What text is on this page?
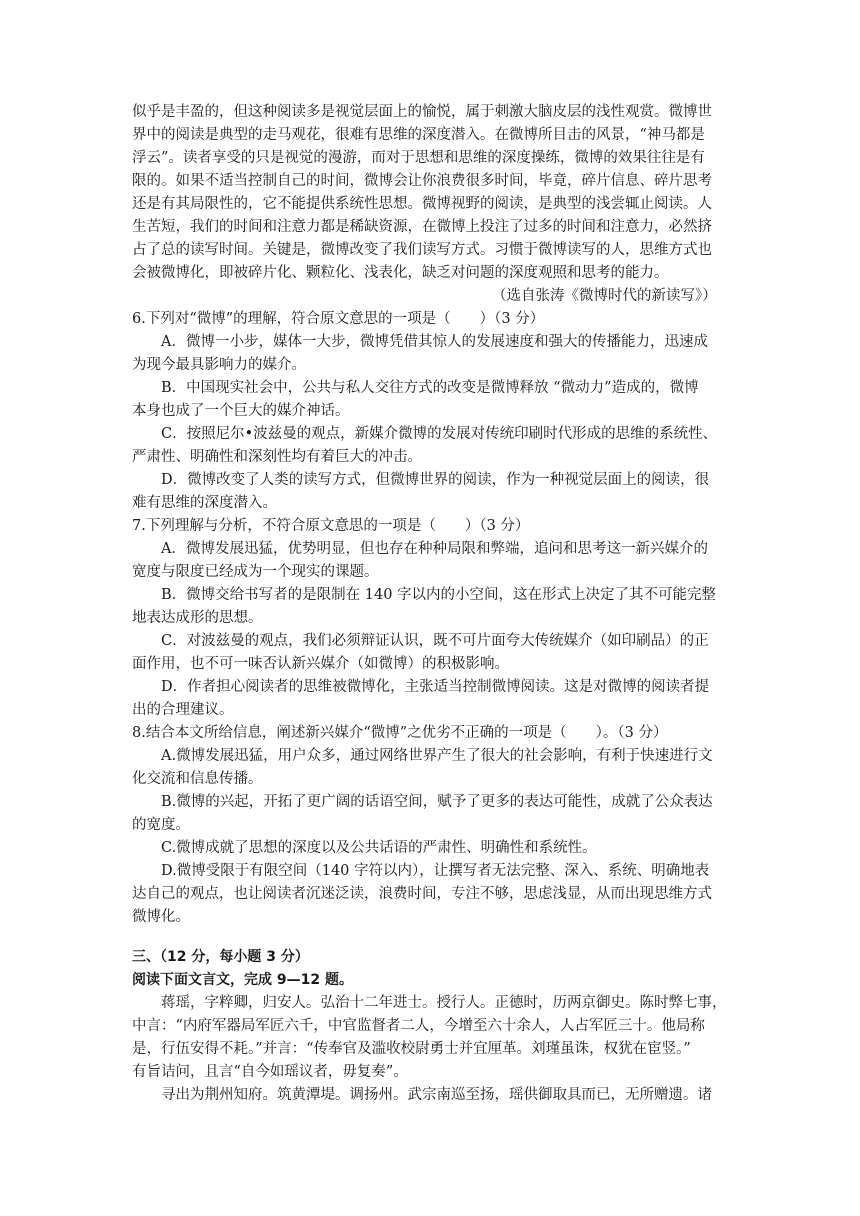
似乎是丰盈的，但这种阅读多是视觉层面上的愉悦，属于刺激大脑皮层的浅性观赏。微博世

界中的阅读是典型的走马观花，很难有思维的深度潜入。在微博所目击的风景，“神马都是

浮云”。读者享受的只是视觉的漫游，而对于思想和思维的深度操练，微博的效果往往是有

限的。如果不适当控制自己的时间，微博会让你浪费很多时间，毕竟，碎片信息、碎片思考

还是有其局限性的，它不能提供系统性思想。微博视野的阅读，是典型的浅尝辄止阅读。人

生苦短，我们的时间和注意力都是稀缺资源，在微博上投注了过多的时间和注意力，必然挤

占了总的读写时间。关键是，微博改变了我们读写方式。习惯于微博读写的人，思维方式也

会被微博化，即被碎片化、颗粒化、浅表化，缺乏对问题的深度观照和思考的能力。

（选自张涛《微博时代的新读写》）

6.下列对“微博”的理解，符合原文意思的一项是（　　）（3 分）

A．微博一小步，媒体一大步，微博凭借其惊人的发展速度和强大的传播能力，迅速成

为现今最具影响力的媒介。

B．中国现实社会中，公共与私人交往方式的改变是微博释放 “微动力”造成的，微博

本身也成了一个巨大的媒介神话。

C．按照尼尔•波兹曼的观点，新媒介微博的发展对传统印刷时代形成的思维的系统性、

严肃性、明确性和深刻性均有着巨大的冲击。

D．微博改变了人类的读写方式，但微博世界的阅读，作为一种视觉层面上的阅读，很

难有思维的深度潜入。

7.下列理解与分析，不符合原文意思的一项是（　　）（3 分）

A．微博发展迅猛，优势明显，但也存在种种局限和弊端，追问和思考这一新兴媒介的

宽度与限度已经成为一个现实的课题。

B．微博交给书写者的是限制在 140 字以内的小空间，这在形式上决定了其不可能完整

地表达成形的思想。

C．对波兹曼的观点，我们必须辩证认识，既不可片面夸大传统媒介（如印刷品）的正

面作用，也不可一味否认新兴媒介（如微博）的积极影响。

D．作者担心阅读者的思维被微博化，主张适当控制微博阅读。这是对微博的阅读者提

出的合理建议。

8.结合本文所给信息，阐述新兴媒介“微博”之优劣不正确的一项是（　　）。（3 分）

A.微博发展迅猛，用户众多，通过网络世界产生了很大的社会影响，有利于快速进行文

化交流和信息传播。

B.微博的兴起，开拓了更广阔的话语空间，赋予了更多的表达可能性，成就了公众表达

的宽度。

C.微博成就了思想的深度以及公共话语的严肃性、明确性和系统性。

D.微博受限于有限空间（140 字符以内），让撰写者无法完整、深入、系统、明确地表

达自己的观点，也让阅读者沉迷泛读，浪费时间，专注不够，思虑浅显，从而出现思维方式

微博化。

三、（12 分，每小题 3 分）

阅读下面文言文，完成 9—12 题。

蒋瑶，字粹卿，归安人。弘治十二年进士。授行人。正德时，历两京御史。陈时弊七事，

中言：“内府军器局军匠六千，中官监督者二人，今增至六十余人，人占军匠三十。他局称

是，行伍安得不耗。”并言：“传奉官及滥收校尉勇士并宜厘革。刘瑾虽诛，权犹在宦竖。”

有旨诘问，且言“自今如瑶议者，毋复奏”。

寻出为荆州知府。筑黄潭堤。调扬州。武宗南巡至扬，瑶供御取具而已，无所赠遗。诸
